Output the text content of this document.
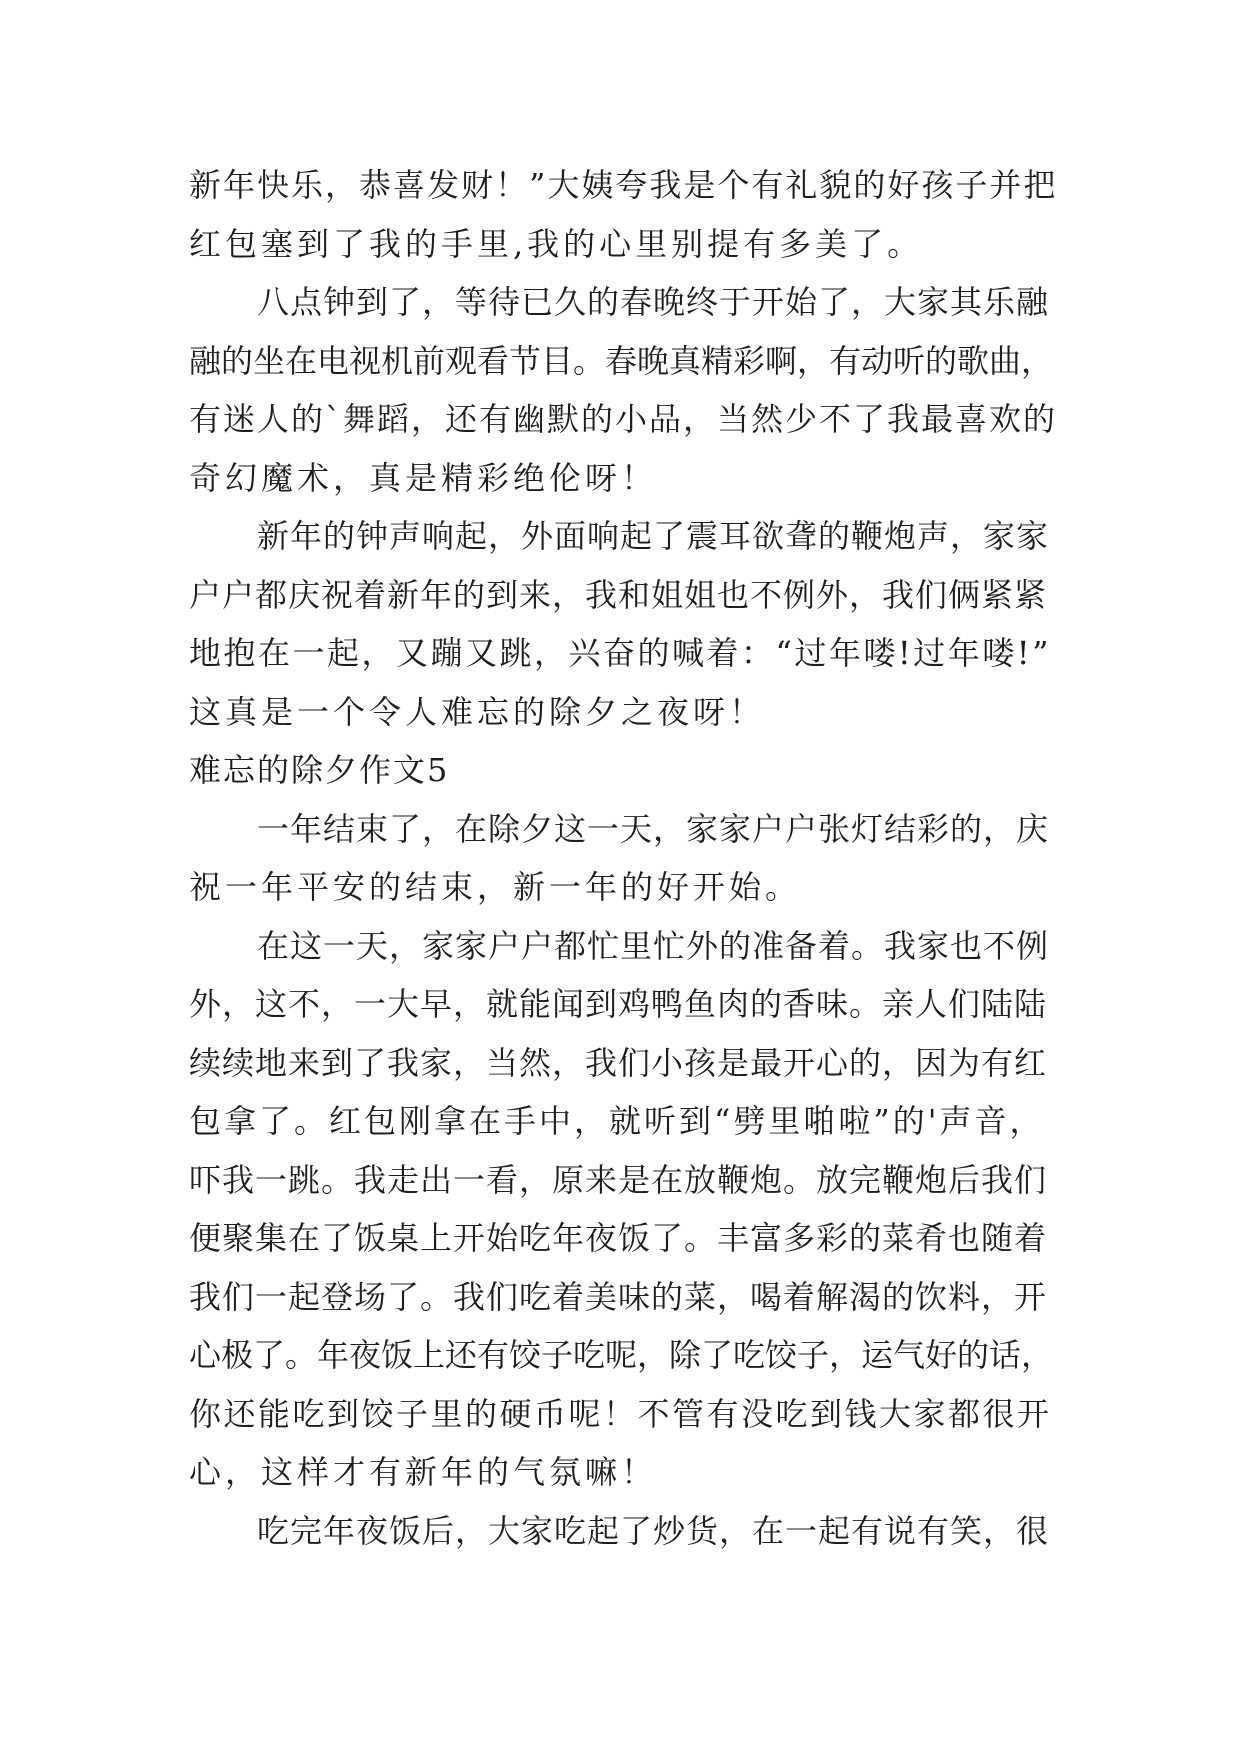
新年快乐，恭喜发财！”大姨夸我是个有礼貌的好孩子并把
红包塞到了我的手里,我的心里别提有多美了。
八点钟到了，等待已久的春晚终于开始了，大家其乐融
融的坐在电视机前观看节目。春晚真精彩啊，有动听的歌曲，
有迷人的`舞蹈，还有幽默的小品，当然少不了我最喜欢的
奇幻魔术，真是精彩绝伦呀！
新年的钟声响起，外面响起了震耳欲聋的鞭炮声，家家
户户都庆祝着新年的到来，我和姐姐也不例外，我们俩紧紧
地抱在一起，又蹦又跳，兴奋的喊着：“过年喽!过年喽!”
这真是一个令人难忘的除夕之夜呀！
难忘的除夕作文5
一年结束了，在除夕这一天，家家户户张灯结彩的，庆
祝一年平安的结束，新一年的好开始。
在这一天，家家户户都忙里忙外的准备着。我家也不例
外，这不，一大早，就能闻到鸡鸭鱼肉的香味。亲人们陆陆
续续地来到了我家，当然，我们小孩是最开心的，因为有红
包拿了。红包刚拿在手中，就听到“劈里啪啦”的'声音，
吓我一跳。我走出一看，原来是在放鞭炮。放完鞭炮后我们
便聚集在了饭桌上开始吃年夜饭了。丰富多彩的菜肴也随着
我们一起登场了。我们吃着美味的菜，喝着解渴的饮料，开
心极了。年夜饭上还有饺子吃呢，除了吃饺子，运气好的话，
你还能吃到饺子里的硬币呢！不管有没吃到钱大家都很开
心，这样才有新年的气氛嘛！
吃完年夜饭后，大家吃起了炒货，在一起有说有笑，很
